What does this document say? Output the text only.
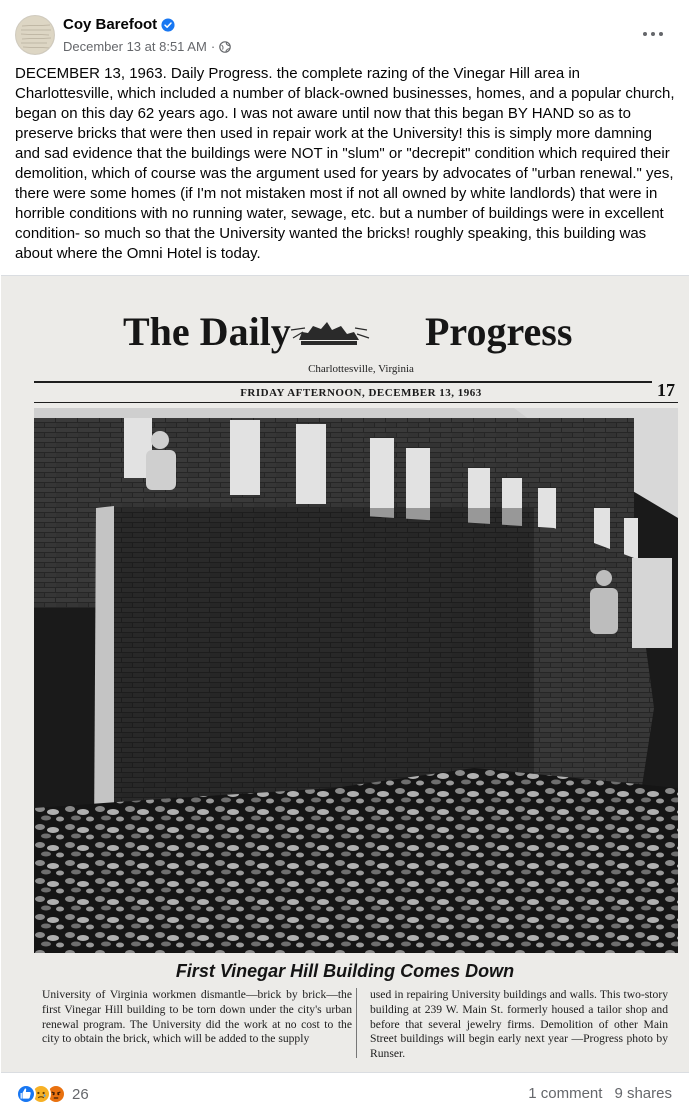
Coy Barefoot
December 13 at 8:51 AM ·
DECEMBER 13, 1963. Daily Progress. the complete razing of the Vinegar Hill area in Charlottesville, which included a number of black-owned businesses, homes, and a popular church, began on this day 62 years ago. I was not aware until now that this began BY HAND so as to preserve bricks that were then used in repair work at the University! this is simply more damning and sad evidence that the buildings were NOT in "slum" or "decrepit" condition which required their demolition, which of course was the argument used for years by advocates of "urban renewal." yes, there were some homes (if I'm not mistaken most if not all owned by white landlords) that were in horrible conditions with no running water, sewage, etc. but a number of buildings were in excellent condition- so much so that the University wanted the bricks! roughly speaking, this building was about where the Omni Hotel is today.
The Daily	Progress
Charlottesville, Virginia
FRIDAY AFTERNOON, DECEMBER 13, 1963	17
First Vinegar Hill Building Comes Down
University of Virginia workmen dismantle—brick by brick—the first Vinegar Hill building to be torn down under the city's urban renewal program. The University did the work at no cost to the city to obtain the brick, which will be added to the supply
used in repairing University buildings and walls. This two-story building at 239 W. Main St. formerly housed a tailor shop and before that several jewelry firms. Demolition of other Main Street buildings will begin early next year —Progress photo by Runser.
26	1 comment 9 shares
